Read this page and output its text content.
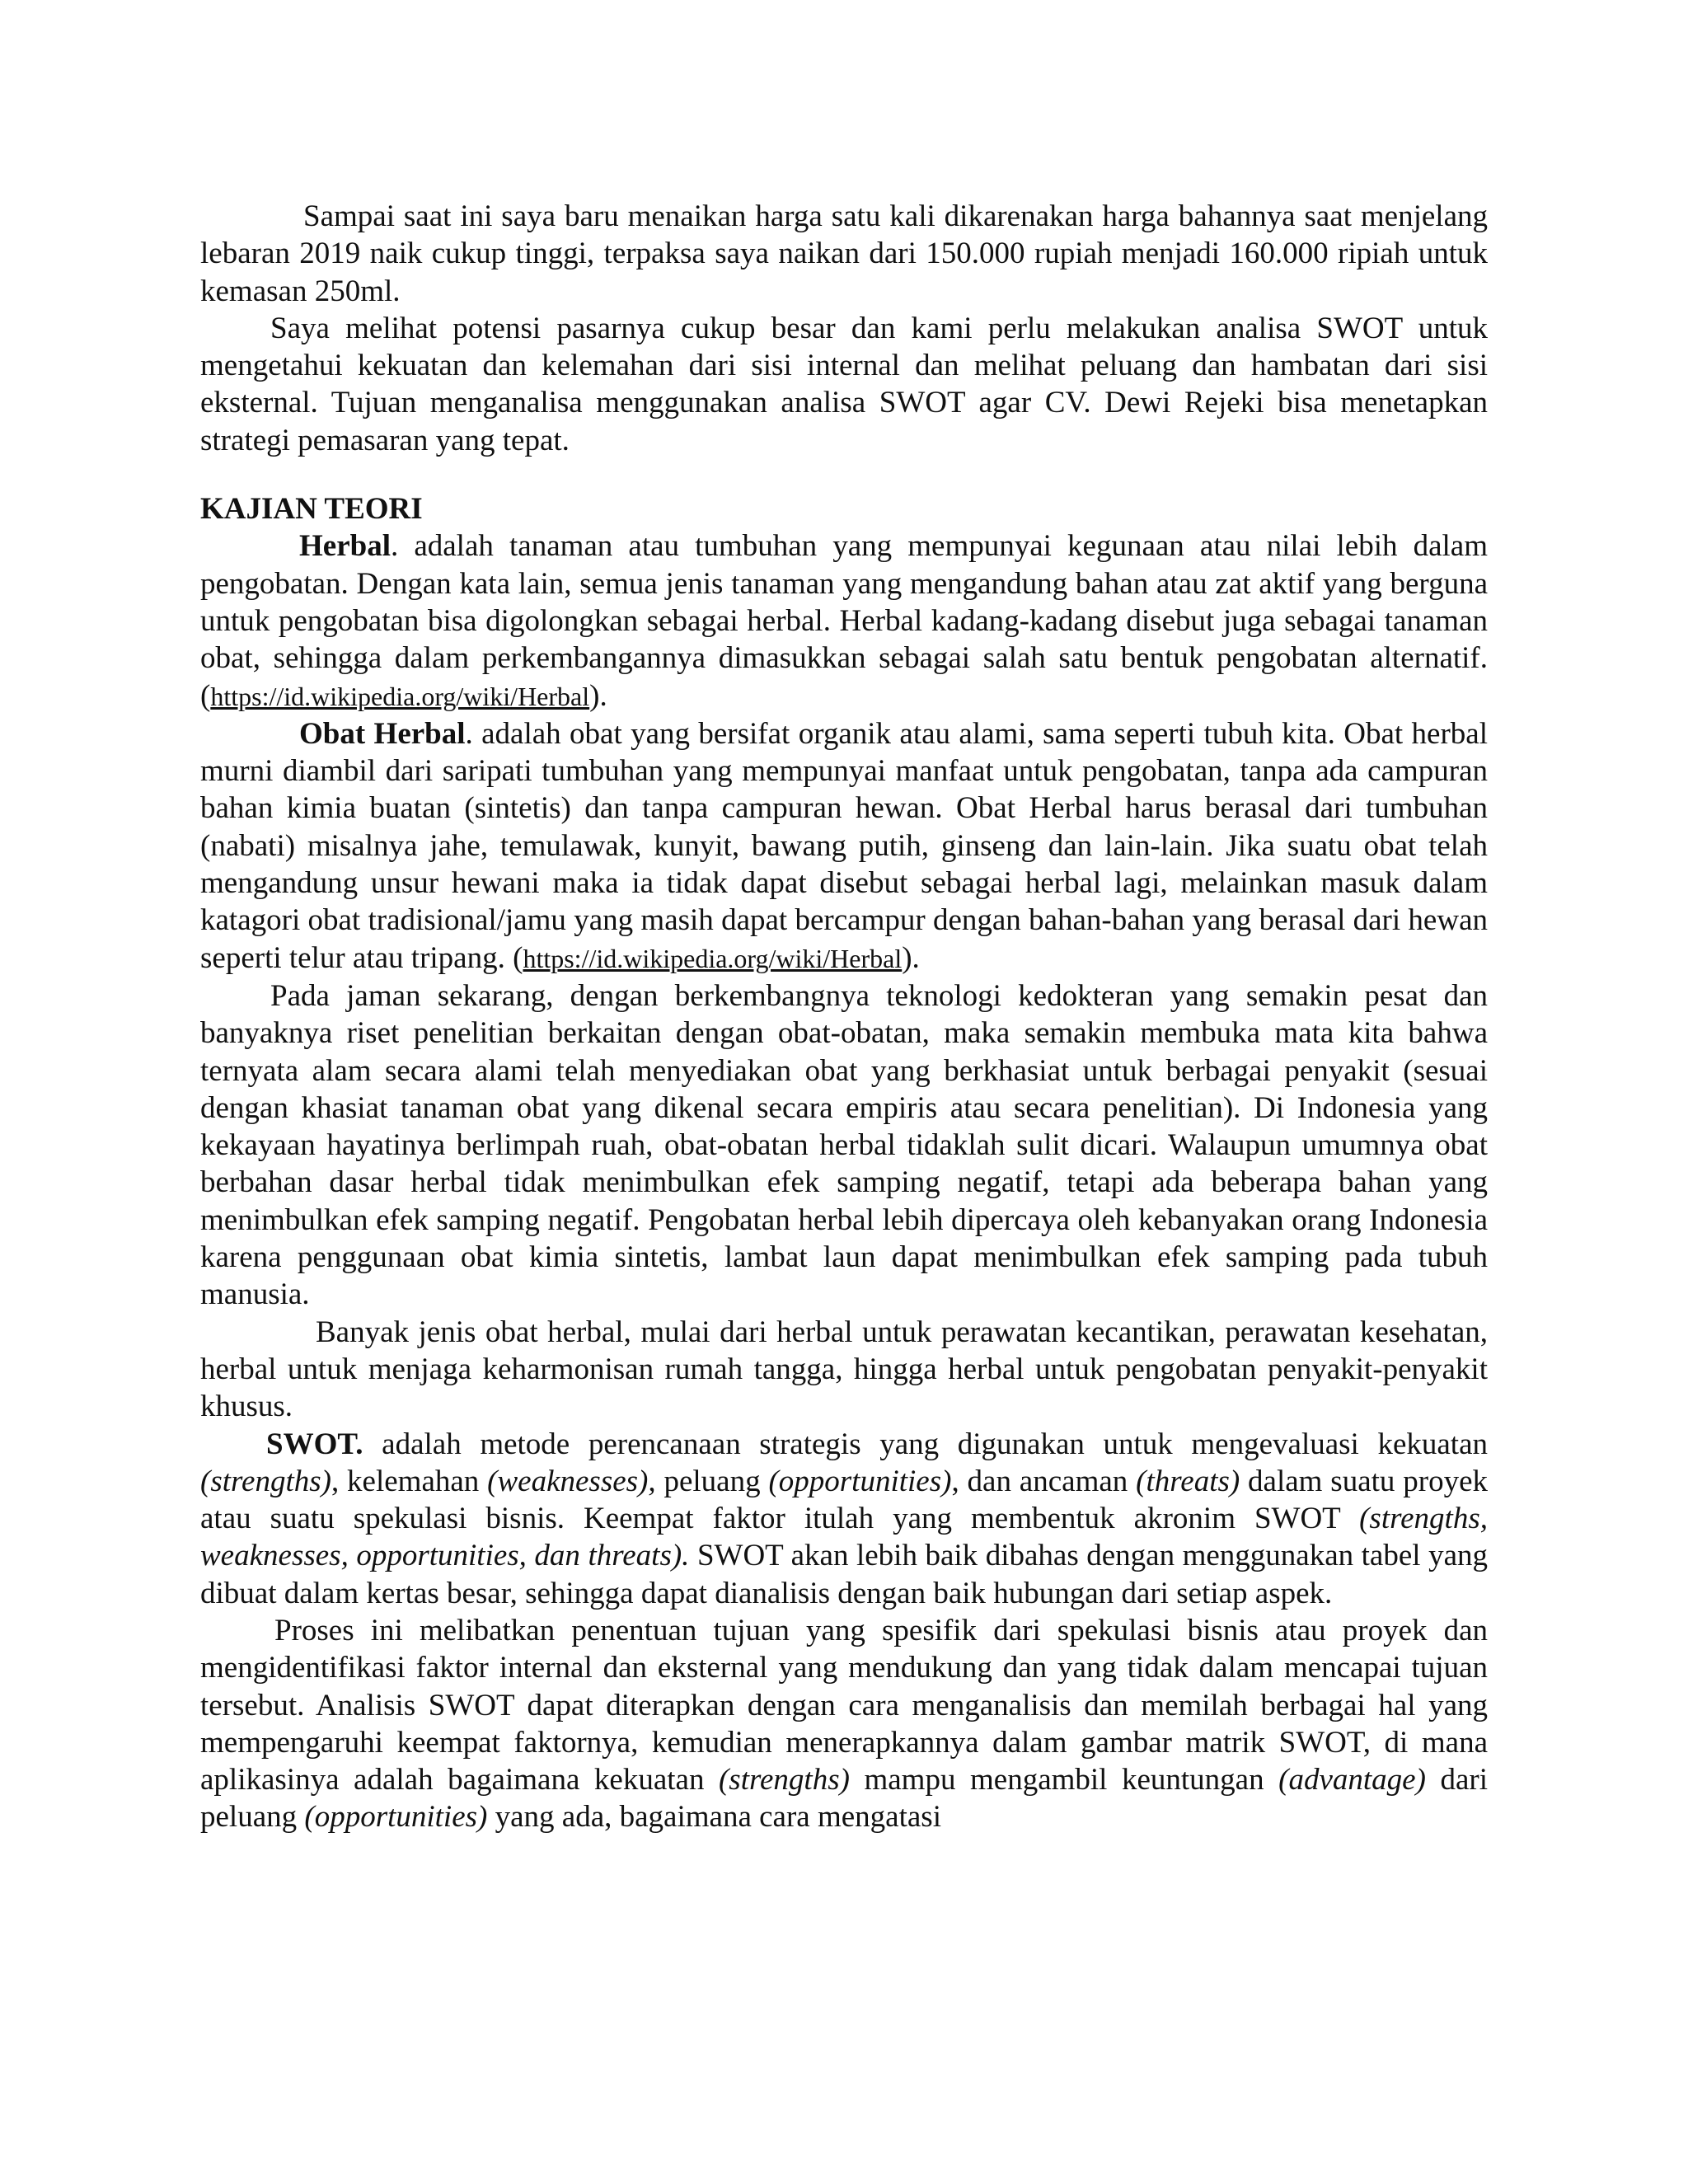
Sampai saat ini saya baru menaikan harga satu kali dikarenakan harga bahannya saat menjelang lebaran 2019 naik cukup tinggi, terpaksa saya naikan dari 150.000 rupiah menjadi 160.000 ripiah untuk kemasan 250ml.

Saya melihat potensi pasarnya cukup besar dan kami perlu melakukan analisa SWOT untuk mengetahui kekuatan dan kelemahan dari sisi internal dan melihat peluang dan hambatan dari sisi eksternal. Tujuan menganalisa menggunakan analisa SWOT agar CV. Dewi Rejeki bisa menetapkan strategi pemasaran yang tepat.

KAJIAN TEORI

Herbal. adalah tanaman atau tumbuhan yang mempunyai kegunaan atau nilai lebih dalam pengobatan. Dengan kata lain, semua jenis tanaman yang mengandung bahan atau zat aktif yang berguna untuk pengobatan bisa digolongkan sebagai herbal. Herbal kadang-kadang disebut juga sebagai tanaman obat, sehingga dalam perkembangannya dimasukkan sebagai salah satu bentuk pengobatan alternatif. (https://id.wikipedia.org/wiki/Herbal).

Obat Herbal. adalah obat yang bersifat organik atau alami, sama seperti tubuh kita. Obat herbal murni diambil dari saripati tumbuhan yang mempunyai manfaat untuk pengobatan, tanpa ada campuran bahan kimia buatan (sintetis) dan tanpa campuran hewan. Obat Herbal harus berasal dari tumbuhan (nabati) misalnya jahe, temulawak, kunyit, bawang putih, ginseng dan lain-lain. Jika suatu obat telah mengandung unsur hewani maka ia tidak dapat disebut sebagai herbal lagi, melainkan masuk dalam katagori obat tradisional/jamu yang masih dapat bercampur dengan bahan-bahan yang berasal dari hewan seperti telur atau tripang. (https://id.wikipedia.org/wiki/Herbal).

Pada jaman sekarang, dengan berkembangnya teknologi kedokteran yang semakin pesat dan banyaknya riset penelitian berkaitan dengan obat-obatan, maka semakin membuka mata kita bahwa ternyata alam secara alami telah menyediakan obat yang berkhasiat untuk berbagai penyakit (sesuai dengan khasiat tanaman obat yang dikenal secara empiris atau secara penelitian). Di Indonesia yang kekayaan hayatinya berlimpah ruah, obat-obatan herbal tidaklah sulit dicari. Walaupun umumnya obat berbahan dasar herbal tidak menimbulkan efek samping negatif, tetapi ada beberapa bahan yang menimbulkan efek samping negatif. Pengobatan herbal lebih dipercaya oleh kebanyakan orang Indonesia karena penggunaan obat kimia sintetis, lambat laun dapat menimbulkan efek samping pada tubuh manusia.

Banyak jenis obat herbal, mulai dari herbal untuk perawatan kecantikan, perawatan kesehatan, herbal untuk menjaga keharmonisan rumah tangga, hingga herbal untuk pengobatan penyakit-penyakit khusus.

SWOT. adalah metode perencanaan strategis yang digunakan untuk mengevaluasi kekuatan (strengths), kelemahan (weaknesses), peluang (opportunities), dan ancaman (threats) dalam suatu proyek atau suatu spekulasi bisnis. Keempat faktor itulah yang membentuk akronim SWOT (strengths, weaknesses, opportunities, dan threats). SWOT akan lebih baik dibahas dengan menggunakan tabel yang dibuat dalam kertas besar, sehingga dapat dianalisis dengan baik hubungan dari setiap aspek.

Proses ini melibatkan penentuan tujuan yang spesifik dari spekulasi bisnis atau proyek dan mengidentifikasi faktor internal dan eksternal yang mendukung dan yang tidak dalam mencapai tujuan tersebut. Analisis SWOT dapat diterapkan dengan cara menganalisis dan memilah berbagai hal yang mempengaruhi keempat faktornya, kemudian menerapkannya dalam gambar matrik SWOT, di mana aplikasinya adalah bagaimana kekuatan (strengths) mampu mengambil keuntungan (advantage) dari peluang (opportunities) yang ada, bagaimana cara mengatasi
